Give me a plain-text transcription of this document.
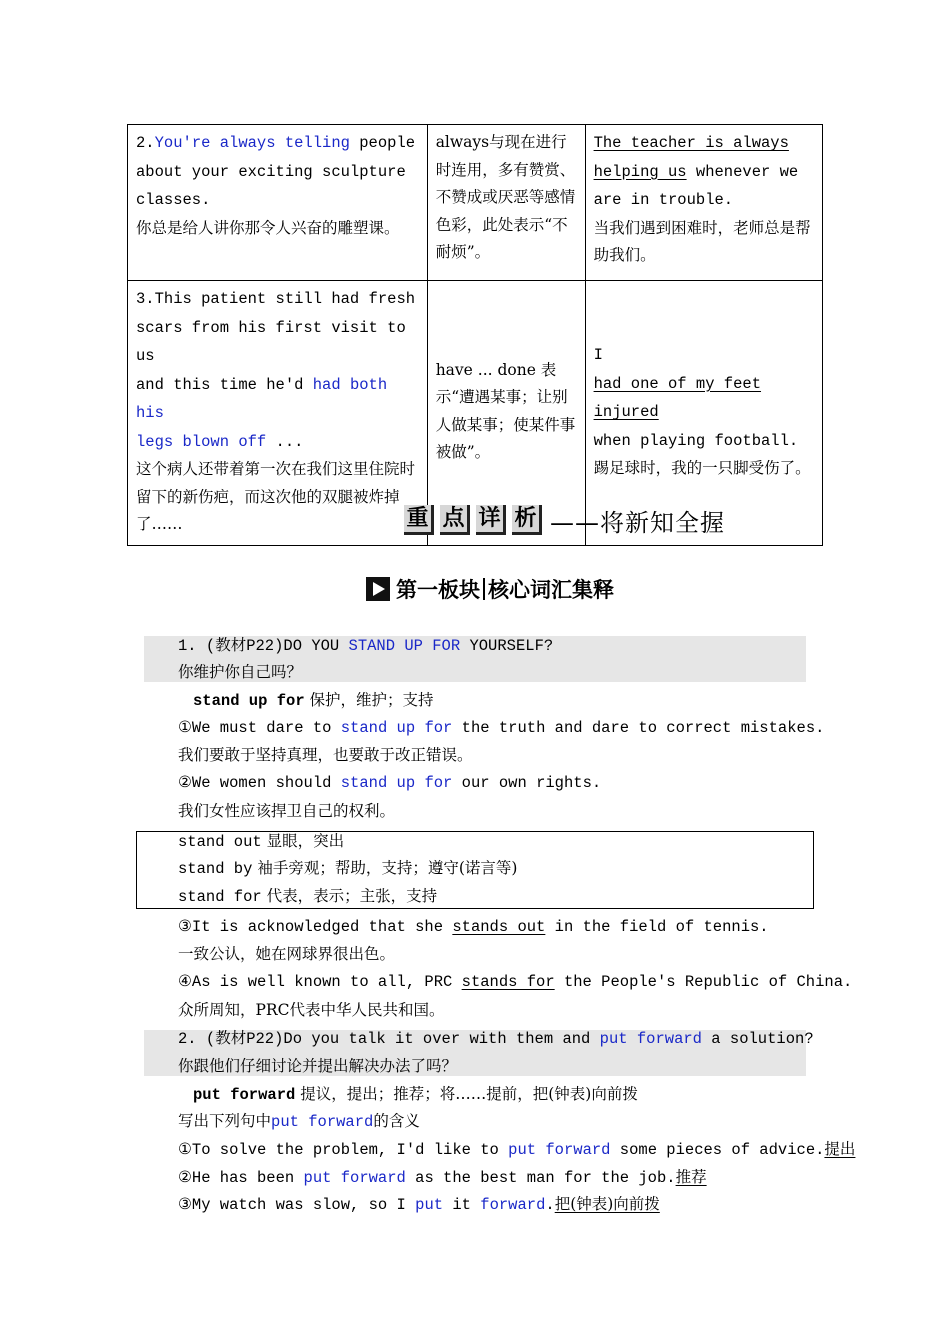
2.You're always telling people
about your exciting sculpture
classes.
你总是给人讲你那令人兴奋的雕塑课。	always与现在进行时连用，多有赞赏、不赞成或厌恶等感情色彩，此处表示“不耐烦”。	The teacher is always helping us whenever we are in trouble.
当我们遇到困难时，老师总是帮助我们。
3.This patient still had fresh
scars from his first visit to us
and this time he'd had both his
legs blown off ...
这个病人还带着第一次在我们这里住院时留下的新伤疤，而这次他的双腿被炸掉了……	have ... done 表示“遭遇某事；让别人做某事；使某件事被做”。	I
had one of my feet injured
when playing football.
踢足球时，我的一只脚受伤了。
重 点 详 析 ——将新知全握
第一板块 核心词汇集释
1. (教材P22)DO YOU STAND UP FOR YOURSELF?
你维护你自己吗？
stand up for 保护，维护；支持
①We must dare to stand up for the truth and dare to correct mistakes.
我们要敢于坚持真理，也要敢于改正错误。
②We women should stand up for our own rights.
我们女性应该捍卫自己的权利。
stand out 显眼，突出
stand by 袖手旁观；帮助，支持；遵守(诺言等)
stand for 代表，表示；主张，支持
③It is acknowledged that she stands out in the field of tennis.
一致公认，她在网球界很出色。
④As is well known to all, PRC stands for the People's Republic of China.
众所周知，PRC代表中华人民共和国。
2. (教材P22)Do you talk it over with them and put forward a solution?
你跟他们仔细讨论并提出解决办法了吗？
put forward 提议，提出；推荐；将……提前，把(钟表)向前拨
写出下列句中put forward的含义
①To solve the problem, I'd like to put forward some pieces of advice.提出
②He has been put forward as the best man for the job.推荐
③My watch was slow, so I put it forward.把(钟表)向前拨
